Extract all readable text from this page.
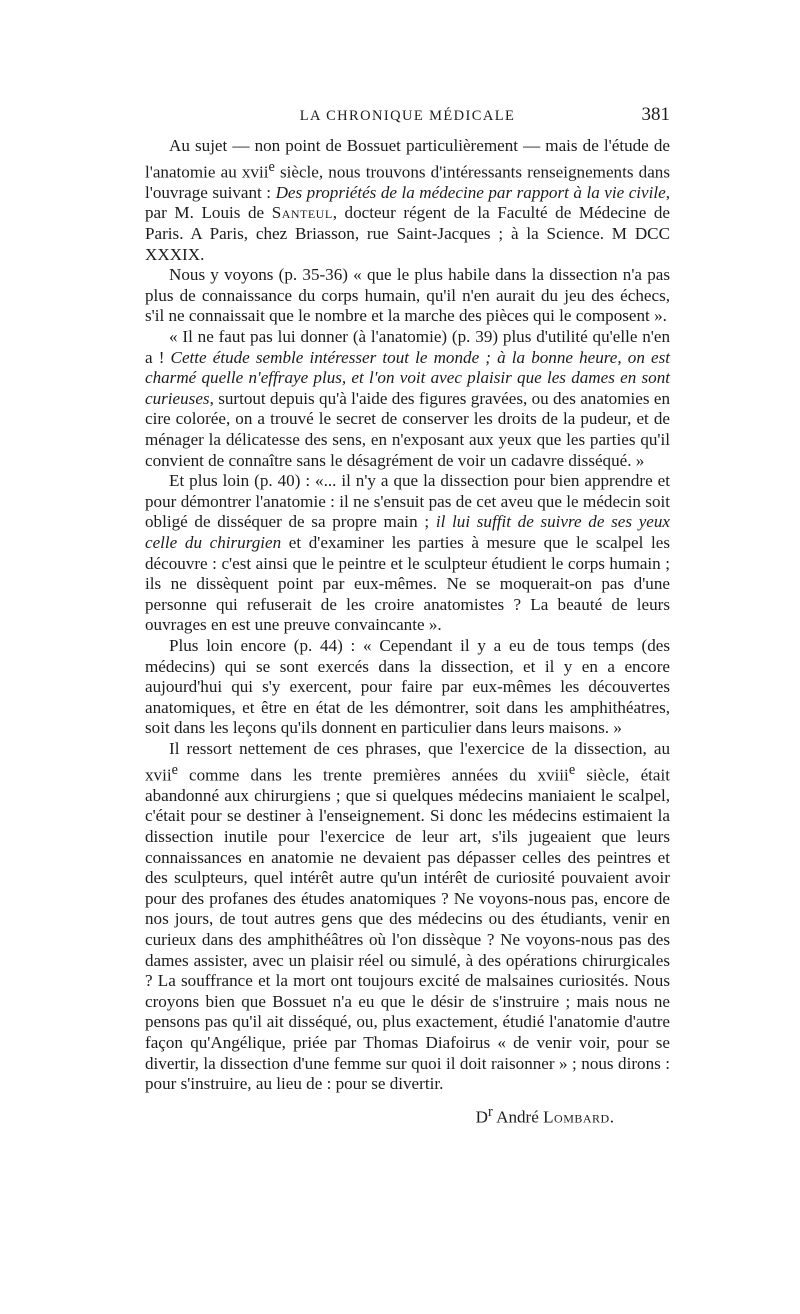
LA CHRONIQUE MÉDICALE	381

Au sujet — non point de Bossuet particulièrement — mais de l'étude de l'anatomie au xvii$^e$ siècle, nous trouvons d'intéressants renseignements dans l'ouvrage suivant : Des propriétés de la médecine par rapport à la vie civile, par M. Louis de Santeul, docteur régent de la Faculté de Médecine de Paris. A Paris, chez Briasson, rue Saint-Jacques ; à la Science. M DCC XXXIX.

Nous y voyons (p. 35-36) « que le plus habile dans la dissection n'a pas plus de connaissance du corps humain, qu'il n'en aurait du jeu des échecs, s'il ne connaissait que le nombre et la marche des pièces qui le composent ».

« Il ne faut pas lui donner (à l'anatomie) (p. 39) plus d'utilité qu'elle n'en a ! Cette étude semble intéresser tout le monde ; à la bonne heure, on est charmé quelle n'effraye plus, et l'on voit avec plaisir que les dames en sont curieuses, surtout depuis qu'à l'aide des figures gravées, ou des anatomies en cire colorée, on a trouvé le secret de conserver les droits de la pudeur, et de ménager la délicatesse des sens, en n'exposant aux yeux que les parties qu'il convient de connaître sans le désagrément de voir un cadavre disséqué. »

Et plus loin (p. 40) : «... il n'y a que la dissection pour bien apprendre et pour démontrer l'anatomie : il ne s'ensuit pas de cet aveu que le médecin soit obligé de disséquer de sa propre main ; il lui suffit de suivre de ses yeux celle du chirurgien et d'examiner les parties à mesure que le scalpel les découvre : c'est ainsi que le peintre et le sculpteur étudient le corps humain ; ils ne dissèquent point par eux-mêmes. Ne se moquerait-on pas d'une personne qui refuserait de les croire anatomistes ? La beauté de leurs ouvrages en est une preuve convaincante ».

Plus loin encore (p. 44) : « Cependant il y a eu de tous temps (des médecins) qui se sont exercés dans la dissection, et il y en a encore aujourd'hui qui s'y exercent, pour faire par eux-mêmes les découvertes anatomiques, et être en état de les démontrer, soit dans les amphithéatres, soit dans les leçons qu'ils donnent en particulier dans leurs maisons. »

Il ressort nettement de ces phrases, que l'exercice de la dissection, au xvii$^e$ comme dans les trente premières années du xviii$^e$ siècle, était abandonné aux chirurgiens ; que si quelques médecins maniaient le scalpel, c'était pour se destiner à l'enseignement. Si donc les médecins estimaient la dissection inutile pour l'exercice de leur art, s'ils jugeaient que leurs connaissances en anatomie ne devaient pas dépasser celles des peintres et des sculpteurs, quel intérêt autre qu'un intérêt de curiosité pouvaient avoir pour des profanes des études anatomiques ? Ne voyons-nous pas, encore de nos jours, de tout autres gens que des médecins ou des étudiants, venir en curieux dans des amphithéâtres où l'on dissèque ? Ne voyons-nous pas des dames assister, avec un plaisir réel ou simulé, à des opérations chirurgicales ? La souffrance et la mort ont toujours excité de malsaines curiosités. Nous croyons bien que Bossuet n'a eu que le désir de s'instruire ; mais nous ne pensons pas qu'il ait disséqué, ou, plus exactement, étudié l'anatomie d'autre façon qu'Angélique, priée par Thomas Diafoirus « de venir voir, pour se divertir, la dissection d'une femme sur quoi il doit raisonner » ; nous dirons : pour s'instruire, au lieu de : pour se divertir.

$D^r$ André Lombard.
